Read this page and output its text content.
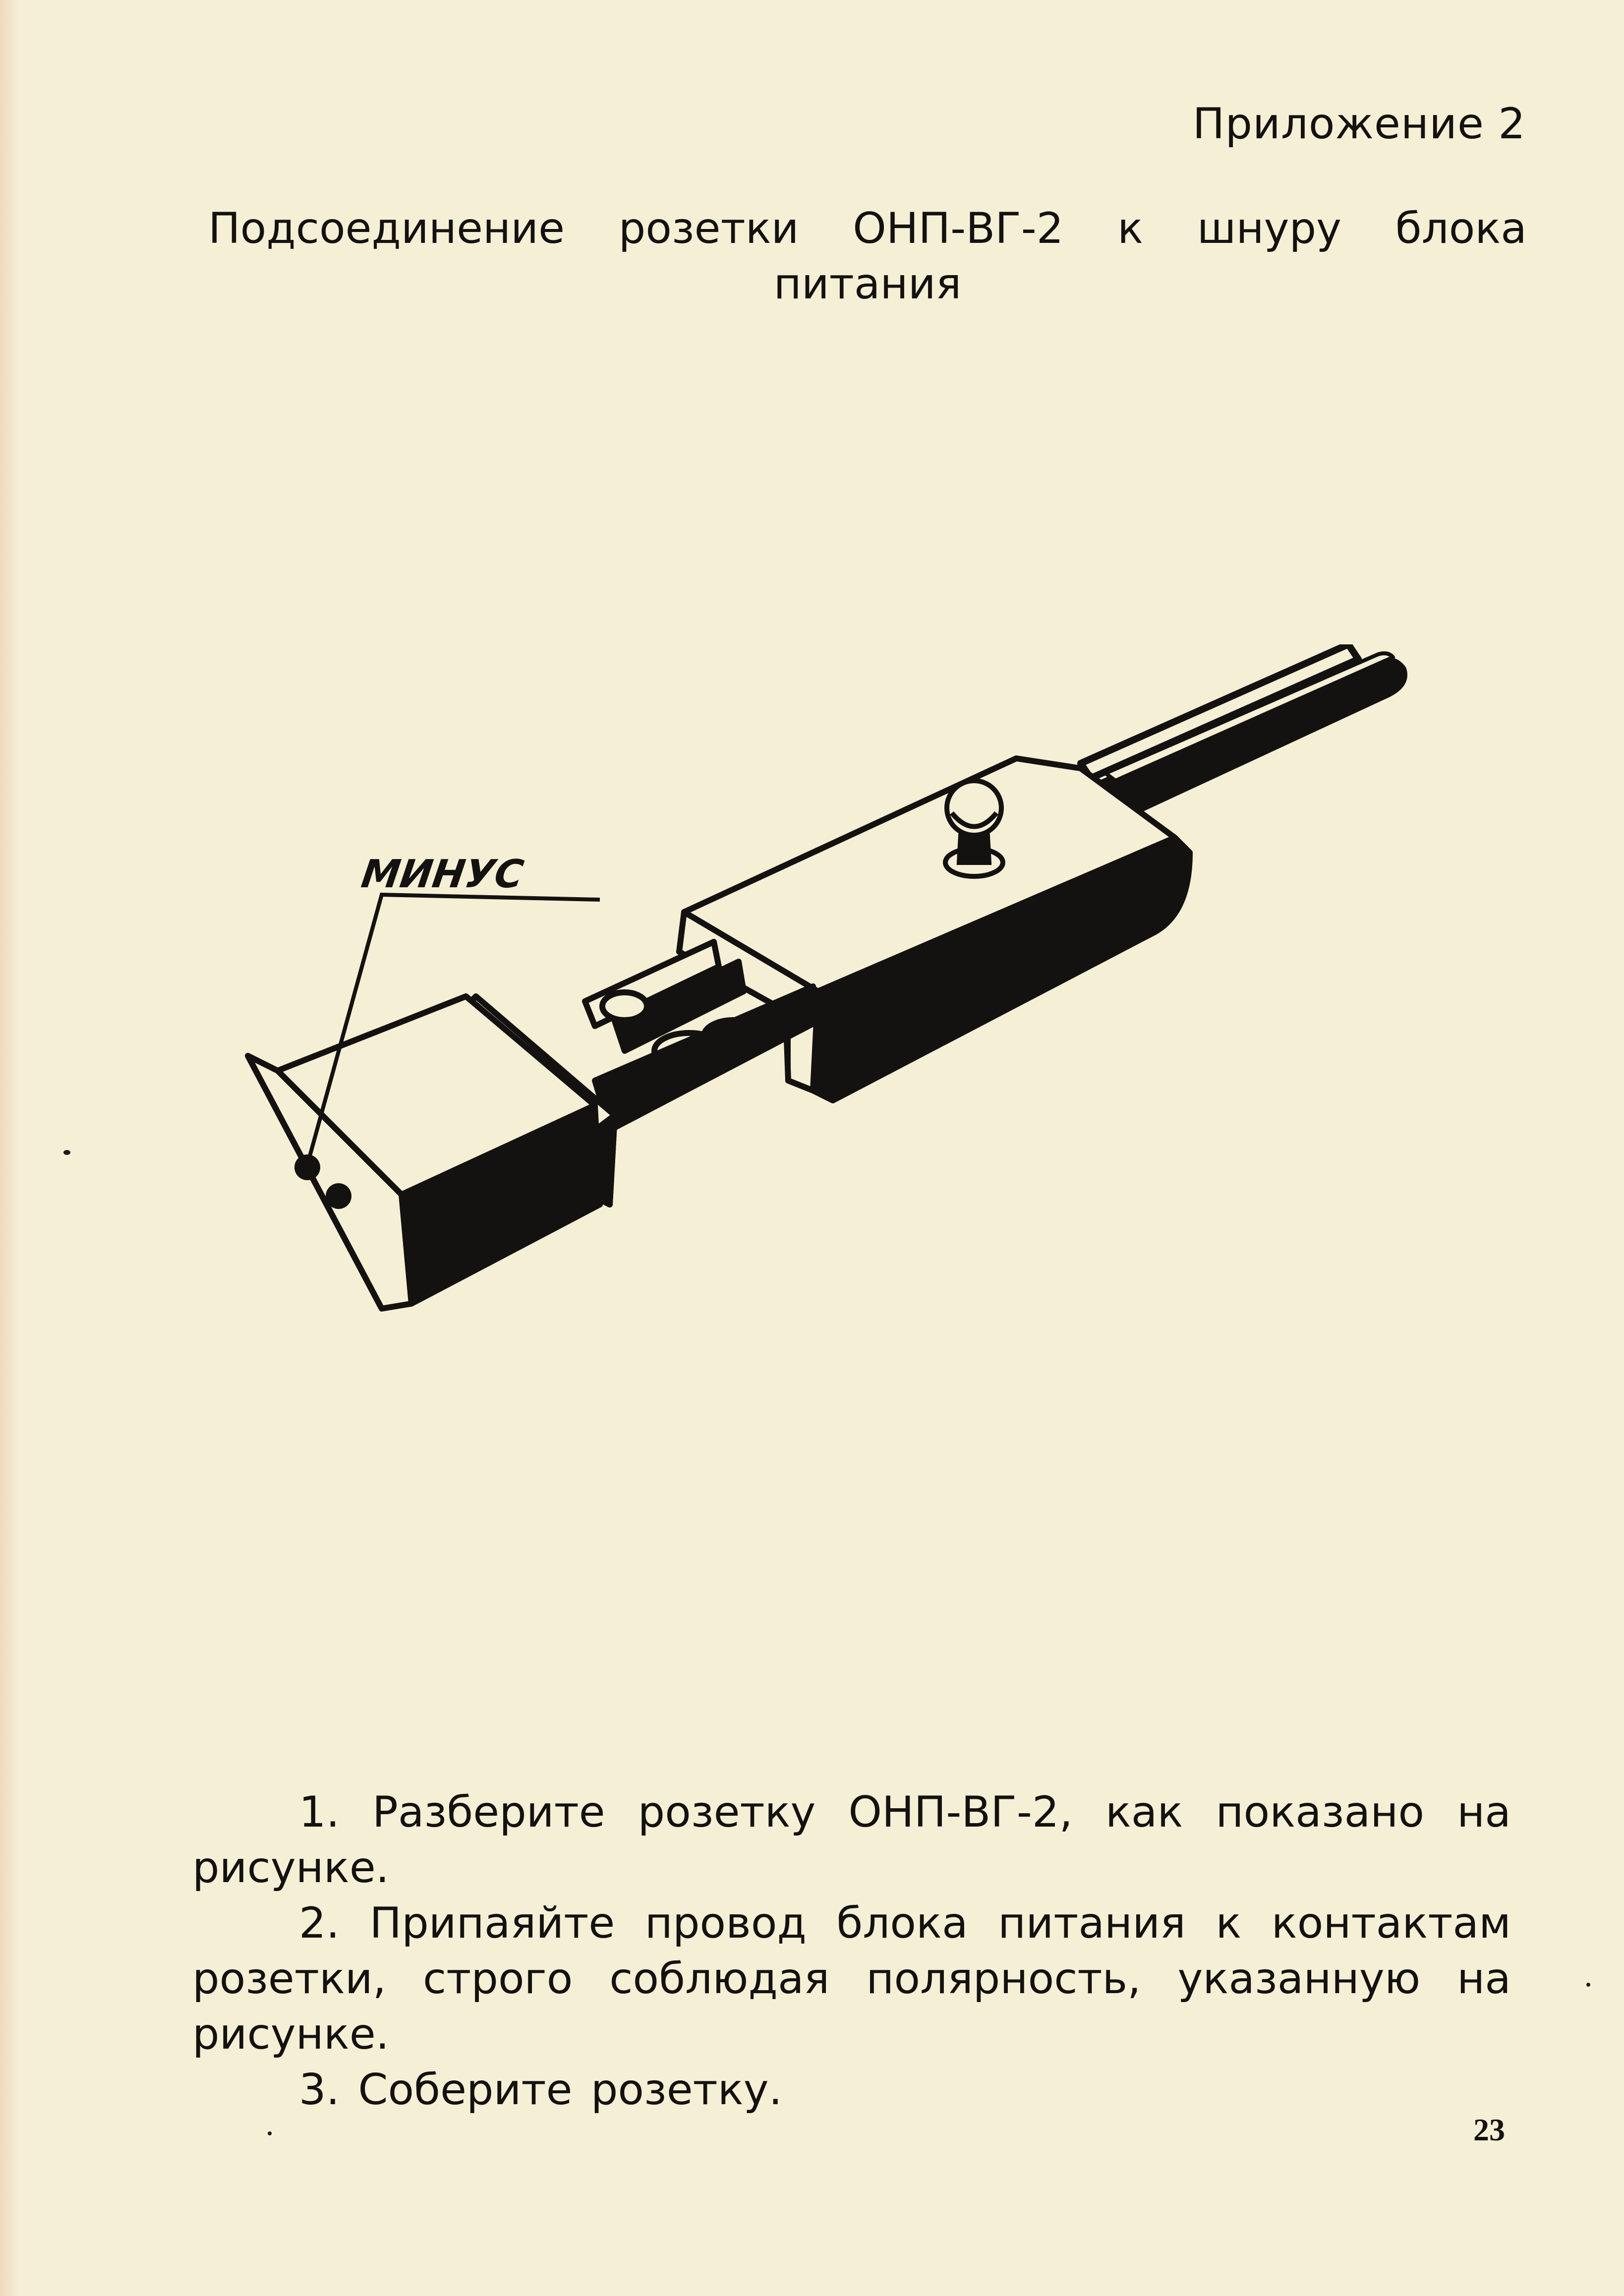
Приложение 2
Подсоединение розетки ОНП-ВГ-2 к шнуру блока
питания
МИНУС

1. Разберите розетку ОНП-ВГ-2, как показано на рисунке.

2. Припаяйте провод блока питания к контактам розетки, строго соблюдая полярность, указанную на рисунке.

3. Соберите розетку.

23
